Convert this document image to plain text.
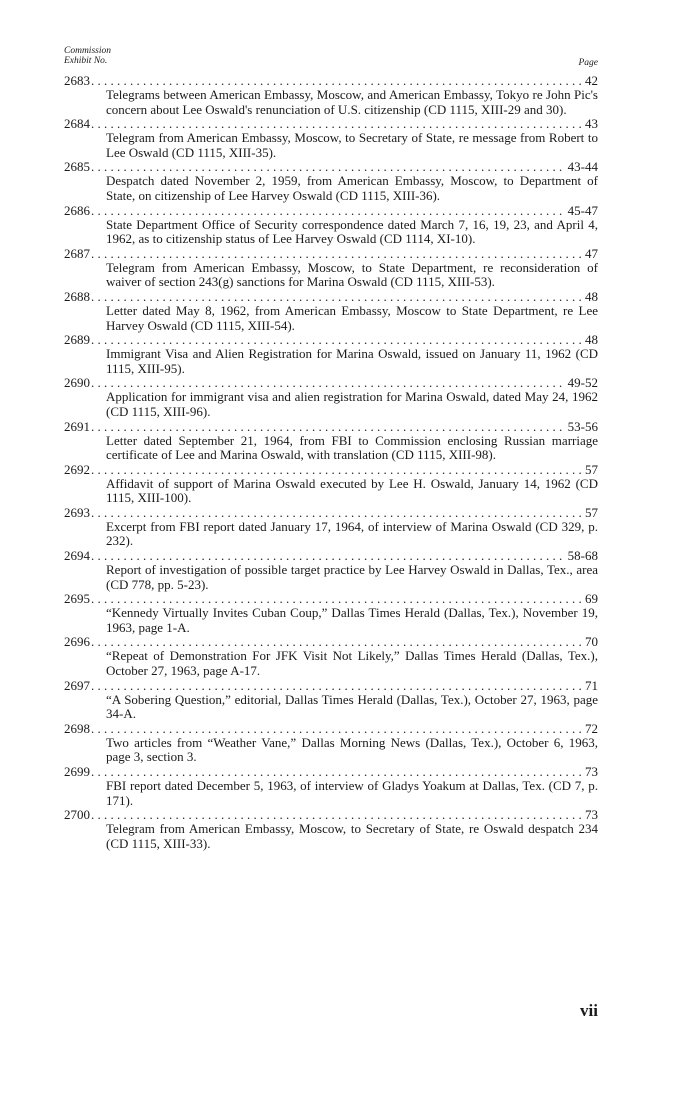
Commission
Exhibit No.	Page
2683 . . .	42
Telegrams between American Embassy, Moscow, and American Embassy, Tokyo re John Pic's concern about Lee Oswald's renunciation of U.S. citizenship (CD 1115, XIII-29 and 30).
2684 . . .	43
Telegram from American Embassy, Moscow, to Secretary of State, re message from Robert to Lee Oswald (CD 1115, XIII-35).
2685 . . .	43-44
Despatch dated November 2, 1959, from American Embassy, Moscow, to Department of State, on citizenship of Lee Harvey Oswald (CD 1115, XIII-36).
2686 . . .	45-47
State Department Office of Security correspondence dated March 7, 16, 19, 23, and April 4, 1962, as to citizenship status of Lee Harvey Oswald (CD 1114, XI-10).
2687 . . .	47
Telegram from American Embassy, Moscow, to State Department, re reconsideration of waiver of section 243(g) sanctions for Marina Oswald (CD 1115, XIII-53).
2688 . . .	48
Letter dated May 8, 1962, from American Embassy, Moscow to State Department, re Lee Harvey Oswald (CD 1115, XIII-54).
2689 . . .	48
Immigrant Visa and Alien Registration for Marina Oswald, issued on January 11, 1962 (CD 1115, XIII-95).
2690 . . .	49-52
Application for immigrant visa and alien registration for Marina Oswald, dated May 24, 1962 (CD 1115, XIII-96).
2691 . . .	53-56
Letter dated September 21, 1964, from FBI to Commission enclosing Russian marriage certificate of Lee and Marina Oswald, with translation (CD 1115, XIII-98).
2692 . . .	57
Affidavit of support of Marina Oswald executed by Lee H. Oswald, January 14, 1962 (CD 1115, XIII-100).
2693 . . .	57
Excerpt from FBI report dated January 17, 1964, of interview of Marina Oswald (CD 329, p. 232).
2694 . . .	58-68
Report of investigation of possible target practice by Lee Harvey Oswald in Dallas, Tex., area (CD 778, pp. 5-23).
2695 . . .	69
“Kennedy Virtually Invites Cuban Coup,” Dallas Times Herald (Dallas, Tex.), November 19, 1963, page 1-A.
2696 . . .	70
“Repeat of Demonstration For JFK Visit Not Likely,” Dallas Times Herald (Dallas, Tex.), October 27, 1963, page A-17.
2697 . . .	71
“A Sobering Question,” editorial, Dallas Times Herald (Dallas, Tex.), October 27, 1963, page 34-A.
2698 . . .	72
Two articles from “Weather Vane,” Dallas Morning News (Dallas, Tex.), October 6, 1963, page 3, section 3.
2699 . . .	73
FBI report dated December 5, 1963, of interview of Gladys Yoakum at Dallas, Tex. (CD 7, p. 171).
2700 . . .	73
Telegram from American Embassy, Moscow, to Secretary of State, re Oswald despatch 234 (CD 1115, XIII-33).
vii
